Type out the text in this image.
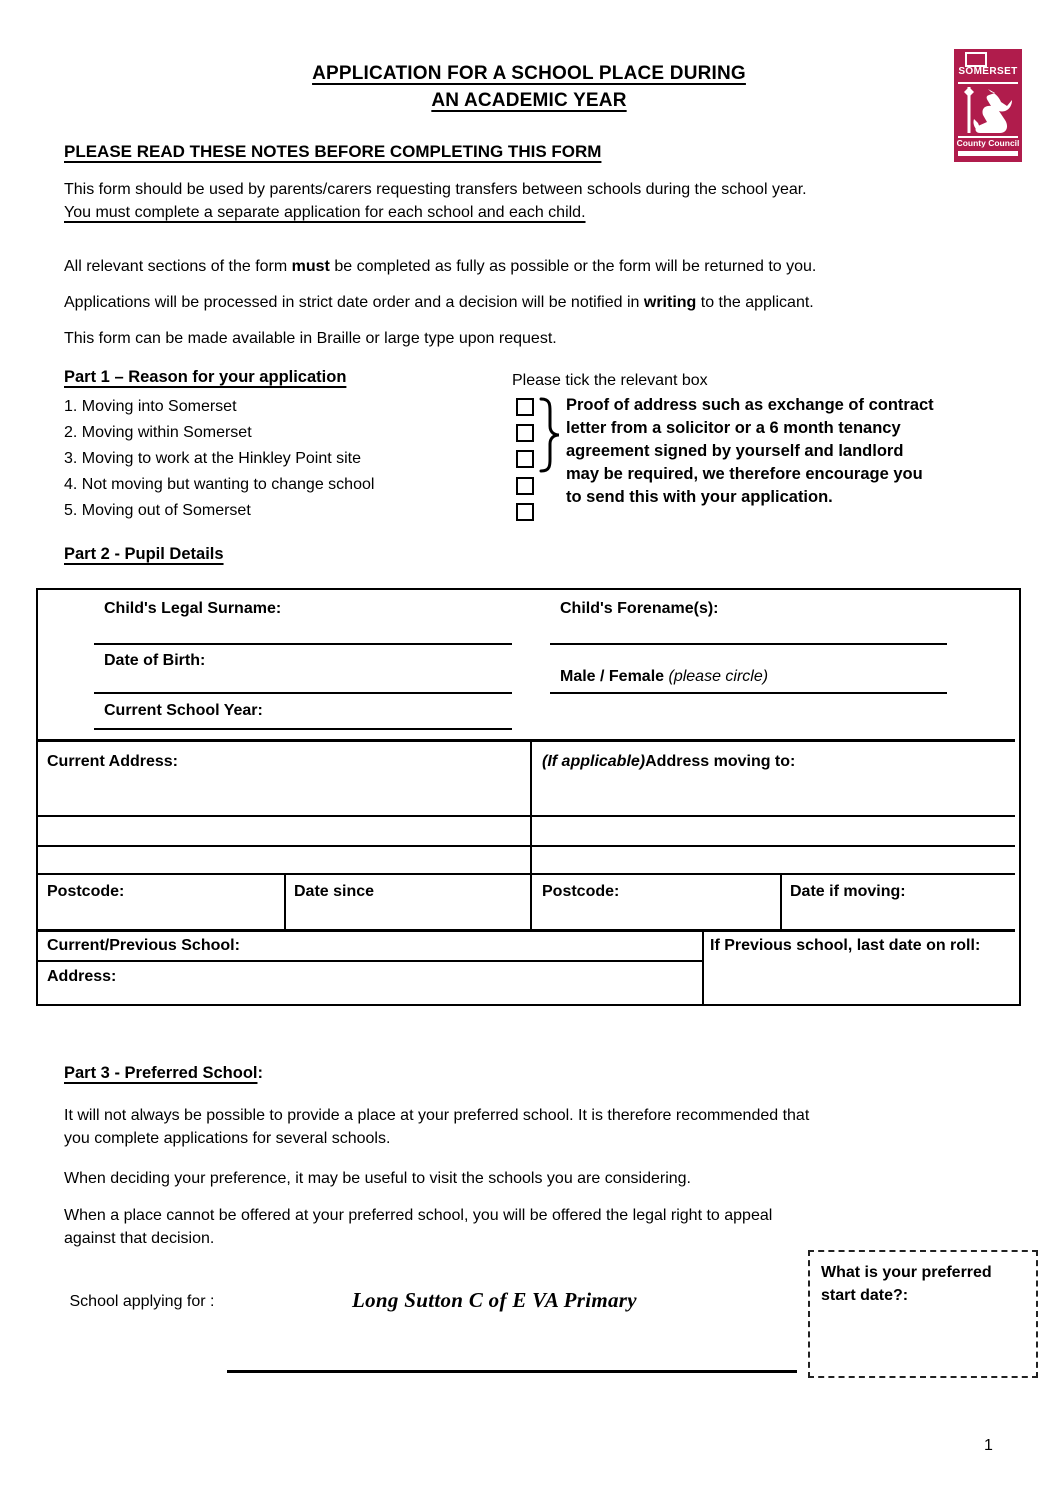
APPLICATION FOR A SCHOOL PLACE DURING
AN ACADEMIC YEAR
SOMERSET
County Council
PLEASE READ THESE NOTES BEFORE COMPLETING THIS FORM
This form should be used by parents/carers requesting transfers between schools during the school year.
You must complete a separate application for each school and each child.
All relevant sections of the form must be completed as fully as possible or the form will be returned to you.
Applications will be processed in strict date order and a decision will be notified in writing to the applicant.
This form can be made available in Braille or large type upon request.
Part 1 – Reason for your application	Please tick the relevant box
1. Moving into Somerset
2. Moving within Somerset
3. Moving to work at the Hinkley Point site
4. Not moving but wanting to change school
5. Moving out of Somerset
Proof of address such as exchange of contract
letter from a solicitor or a 6 month tenancy
agreement signed by yourself and landlord
may be required, we therefore encourage you
to send this with your application.
Part 2 - Pupil Details
Child's Legal Surname:
Date of Birth:
Current School Year:
Child's Forename(s):
Male / Female (please circle)
Current Address:	(If applicable)Address moving to:
Postcode:	Date since	Postcode:	Date if moving:
Current/Previous School:
Address:
If Previous school, last date on roll:
Part 3 - Preferred School:
It will not always be possible to provide a place at your preferred school. It is therefore recommended that
you complete applications for several schools.
When deciding your preference, it may be useful to visit the schools you are considering.
When a place cannot be offered at your preferred school, you will be offered the legal right to appeal
against that decision.
School applying for :	Long Sutton C of E VA Primary
What is your preferred start date?:
1
